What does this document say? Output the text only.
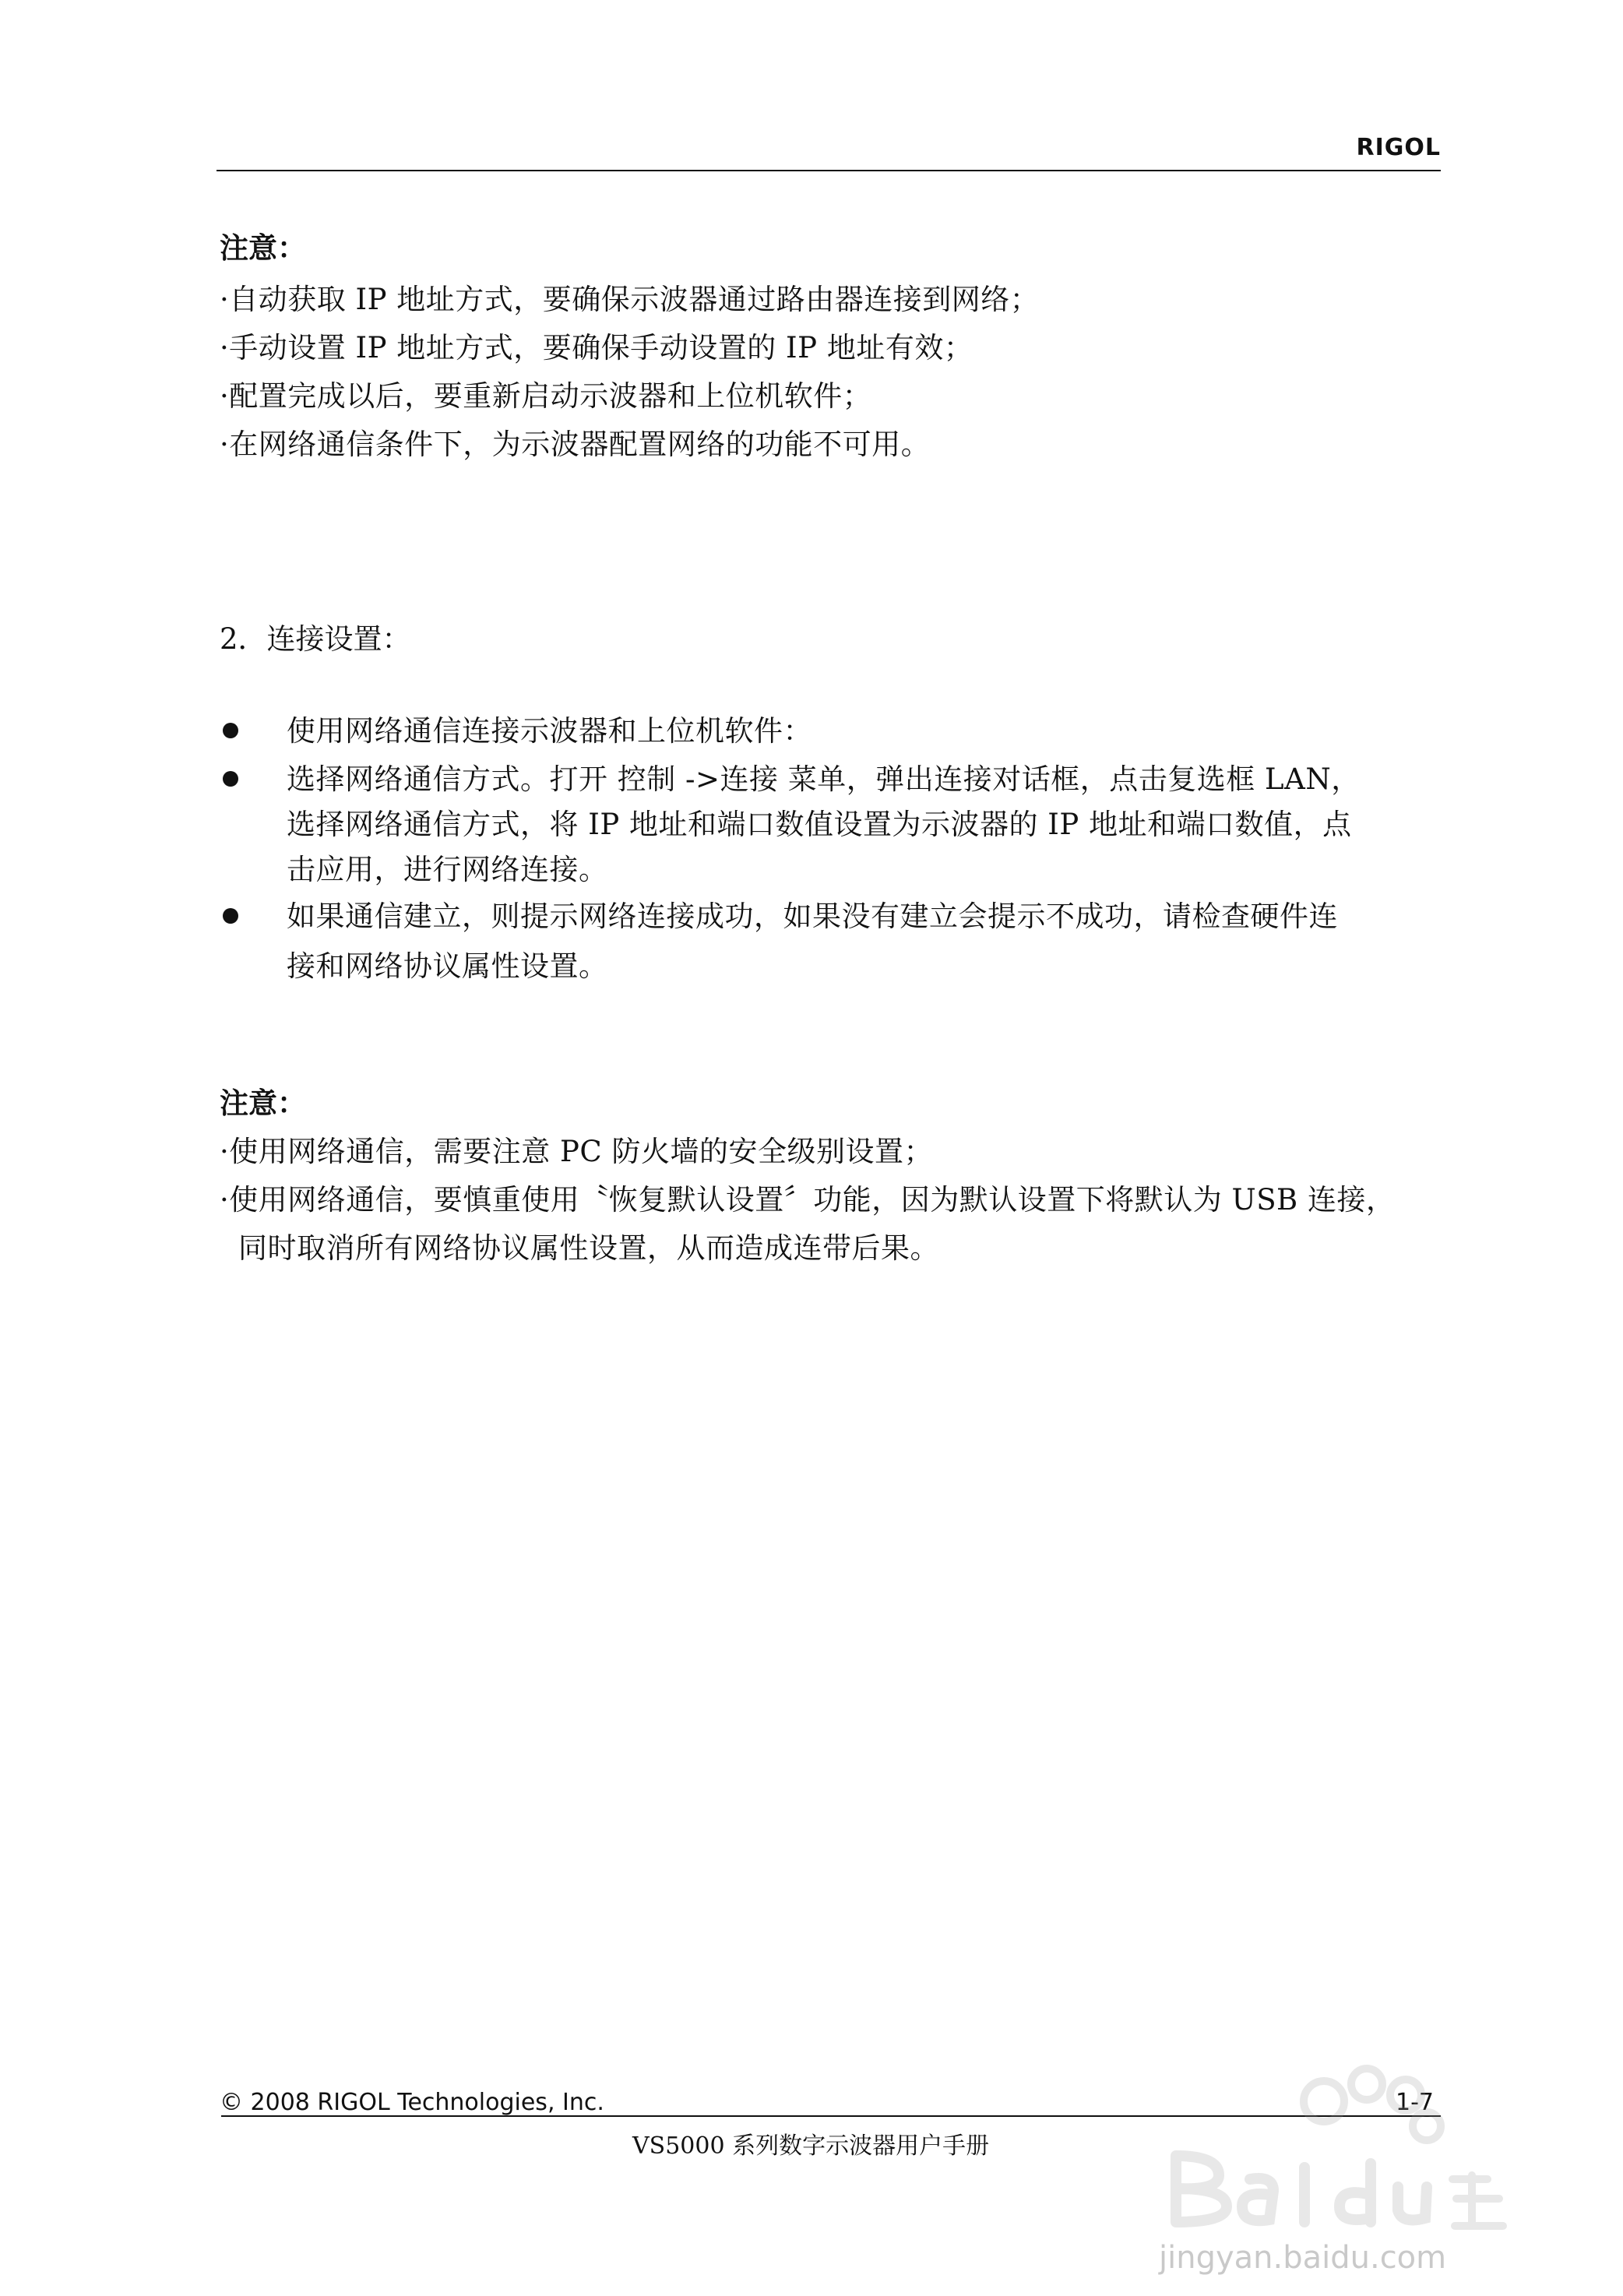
RIGOL
注意：
·自动获取 IP 地址方式，要确保示波器通过路由器连接到网络；
·手动设置 IP 地址方式，要确保手动设置的 IP 地址有效；
·配置完成以后，要重新启动示波器和上位机软件；
·在网络通信条件下，为示波器配置网络的功能不可用。
2．连接设置：
使用网络通信连接示波器和上位机软件：
选择网络通信方式。打开 控制 ->连接 菜单，弹出连接对话框，点击复选框 LAN，
选择网络通信方式，将 IP 地址和端口数值设置为示波器的 IP 地址和端口数值，点
击应用，进行网络连接。
如果通信建立，则提示网络连接成功，如果没有建立会提示不成功，请检查硬件连
接和网络协议属性设置。
注意：
·使用网络通信，需要注意 PC 防火墙的安全级别设置；
·使用网络通信，要慎重使用〝恢复默认设置〞功能，因为默认设置下将默认为 USB 连接，
同时取消所有网络协议属性设置，从而造成连带后果。
© 2008 RIGOL Technologies, Inc.	1-7
VS5000 系列数字示波器用户手册
jingyan.baidu.com
